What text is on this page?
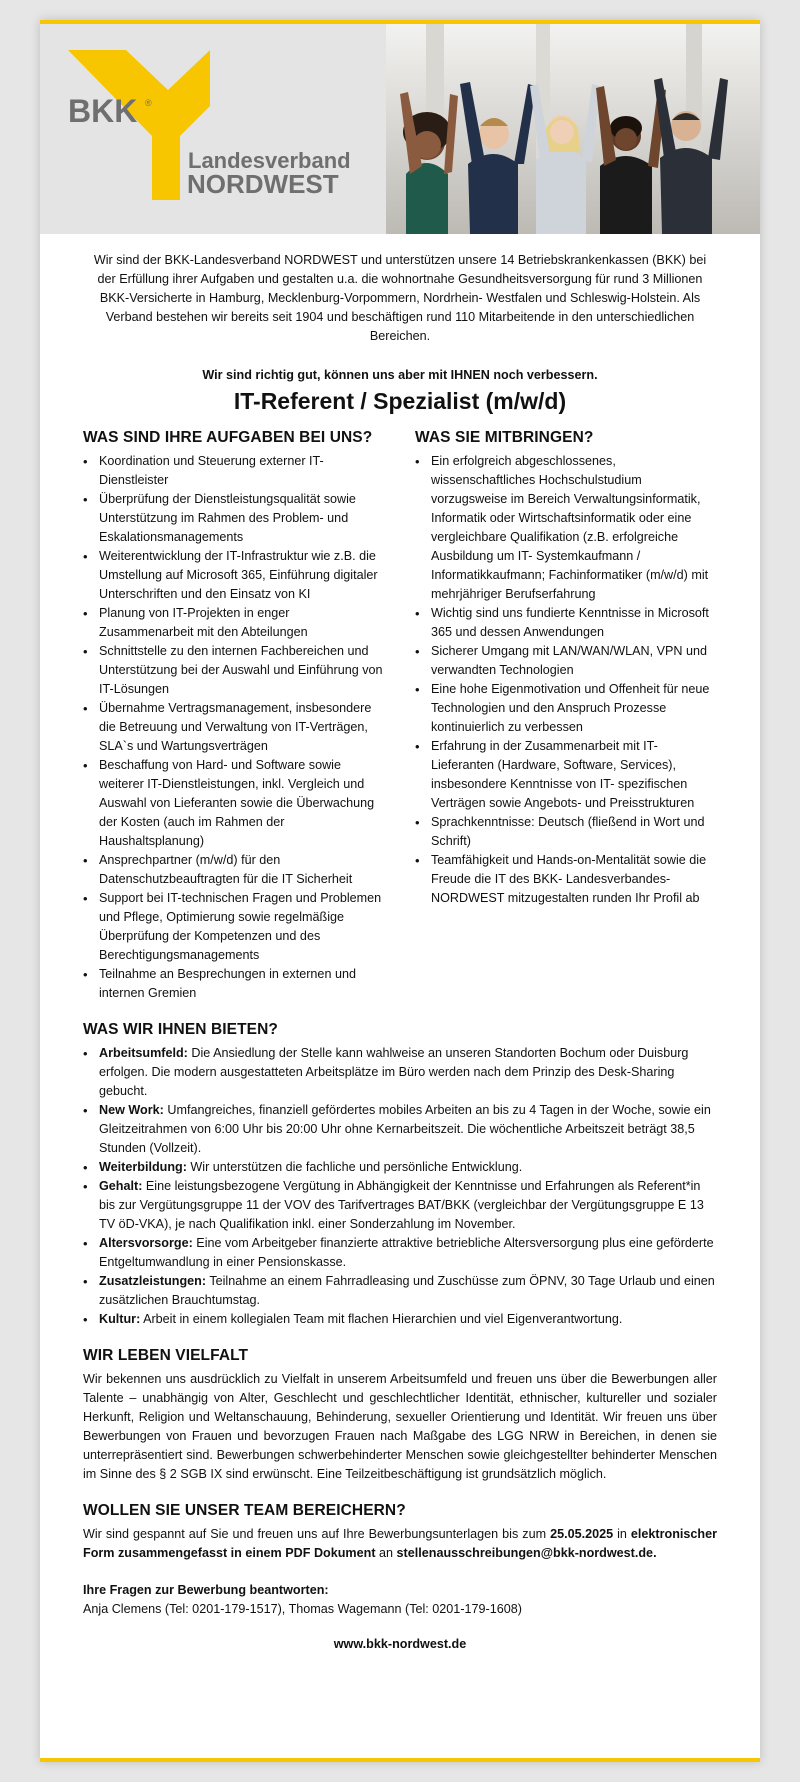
BKK ®
Landesverband
NORDWEST

Wir sind der BKK-Landesverband NORDWEST und unterstützen unsere 14 Betriebskrankenkassen (BKK) bei der Erfüllung ihrer Aufgaben und gestalten u.a. die wohnortnahe Gesundheitsversorgung für rund 3 Millionen BKK-Versicherte in Hamburg, Mecklenburg-Vorpommern, Nordrhein- Westfalen und Schleswig-Holstein. Als Verband bestehen wir bereits seit 1904 und beschäftigen rund 110 Mitarbeitende in den unterschiedlichen Bereichen.

Wir sind richtig gut, können uns aber mit IHNEN noch verbessern.
IT-Referent / Spezialist (m/w/d)
WAS SIND IHRE AUFGABEN BEI UNS?
• Koordination und Steuerung externer IT-Dienstleister
• Überprüfung der Dienstleistungsqualität sowie Unterstützung im Rahmen des Problem- und Eskalationsmanagements
• Weiterentwicklung der IT-Infrastruktur wie z.B. die Umstellung auf Microsoft 365, Einführung digitaler Unterschriften und den Einsatz von KI
• Planung von IT-Projekten in enger Zusammenarbeit mit den Abteilungen
• Schnittstelle zu den internen Fachbereichen und Unterstützung bei der Auswahl und Einführung von IT-Lösungen
• Übernahme Vertragsmanagement, insbesondere die Betreuung und Verwaltung von IT-Verträgen, SLA`s und Wartungsverträgen
• Beschaffung von Hard- und Software sowie weiterer IT-Dienstleistungen, inkl. Vergleich und Auswahl von Lieferanten sowie die Überwachung der Kosten (auch im Rahmen der Haushaltsplanung)
• Ansprechpartner (m/w/d) für den Datenschutzbeauftragten für die IT Sicherheit
• Support bei IT-technischen Fragen und Problemen und Pflege, Optimierung sowie regelmäßige Überprüfung der Kompetenzen und des Berechtigungsmanagements
• Teilnahme an Besprechungen in externen und internen Gremien
WAS SIE MITBRINGEN?
• Ein erfolgreich abgeschlossenes, wissenschaftliches Hochschulstudium vorzugsweise im Bereich Verwaltungsinformatik, Informatik oder Wirtschaftsinformatik oder eine vergleichbare Qualifikation (z.B. erfolgreiche Ausbildung um IT- Systemkaufmann / Informatikkaufmann; Fachinformatiker (m/w/d) mit mehrjähriger Berufserfahrung
• Wichtig sind uns fundierte Kenntnisse in Microsoft 365 und dessen Anwendungen
• Sicherer Umgang mit LAN/WAN/WLAN, VPN und verwandten Technologien
• Eine hohe Eigenmotivation und Offenheit für neue Technologien und den Anspruch Prozesse kontinuierlich zu verbessen
• Erfahrung in der Zusammenarbeit mit IT-Lieferanten (Hardware, Software, Services), insbesondere Kenntnisse von IT- spezifischen Verträgen sowie Angebots- und Preisstrukturen
• Sprachkenntnisse: Deutsch (fließend in Wort und Schrift)
• Teamfähigkeit und Hands-on-Mentalität sowie die Freude die IT des BKK- Landesverbandes-NORDWEST mitzugestalten runden Ihr Profil ab
WAS WIR IHNEN BIETEN?
• Arbeitsumfeld: Die Ansiedlung der Stelle kann wahlweise an unseren Standorten Bochum oder Duisburg erfolgen. Die modern ausgestatteten Arbeitsplätze im Büro werden nach dem Prinzip des Desk-Sharing gebucht.
• New Work: Umfangreiches, finanziell gefördertes mobiles Arbeiten an bis zu 4 Tagen in der Woche, sowie ein Gleitzeitrahmen von 6:00 Uhr bis 20:00 Uhr ohne Kernarbeitszeit. Die wöchentliche Arbeitszeit beträgt 38,5 Stunden (Vollzeit).
• Weiterbildung: Wir unterstützen die fachliche und persönliche Entwicklung.
• Gehalt: Eine leistungsbezogene Vergütung in Abhängigkeit der Kenntnisse und Erfahrungen als Referent*in bis zur Vergütungsgruppe 11 der VOV des Tarifvertrages BAT/BKK (vergleichbar der Vergütungsgruppe E 13 TV öD-VKA), je nach Qualifikation inkl. einer Sonderzahlung im November.
• Altersvorsorge: Eine vom Arbeitgeber finanzierte attraktive betriebliche Altersversorgung plus eine geförderte Entgeltumwandlung in einer Pensionskasse.
• Zusatzleistungen: Teilnahme an einem Fahrradleasing und Zuschüsse zum ÖPNV, 30 Tage Urlaub und einen zusätzlichen Brauchtumstag.
• Kultur: Arbeit in einem kollegialen Team mit flachen Hierarchien und viel Eigenverantwortung.
WIR LEBEN VIELFALT

Wir bekennen uns ausdrücklich zu Vielfalt in unserem Arbeitsumfeld und freuen uns über die Bewerbungen aller Talente – unabhängig von Alter, Geschlecht und geschlechtlicher Identität, ethnischer, kultureller und sozialer Herkunft, Religion und Weltanschauung, Behinderung, sexueller Orientierung und Identität. Wir freuen uns über Bewerbungen von Frauen und bevorzugen Frauen nach Maßgabe des LGG NRW in Bereichen, in denen sie unterrepräsentiert sind. Bewerbungen schwerbehinderter Menschen sowie gleichgestellter behinderter Menschen im Sinne des § 2 SGB IX sind erwünscht. Eine Teilzeitbeschäftigung ist grundsätzlich möglich.

WOLLEN SIE UNSER TEAM BEREICHERN?

Wir sind gespannt auf Sie und freuen uns auf Ihre Bewerbungsunterlagen bis zum 25.05.2025 in elektronischer Form zusammengefasst in einem PDF Dokument an stellenausschreibungen@bkk-nordwest.de.

Ihre Fragen zur Bewerbung beantworten:
Anja Clemens (Tel: 0201-179-1517), Thomas Wagemann (Tel: 0201-179-1608)
www.bkk-nordwest.de
